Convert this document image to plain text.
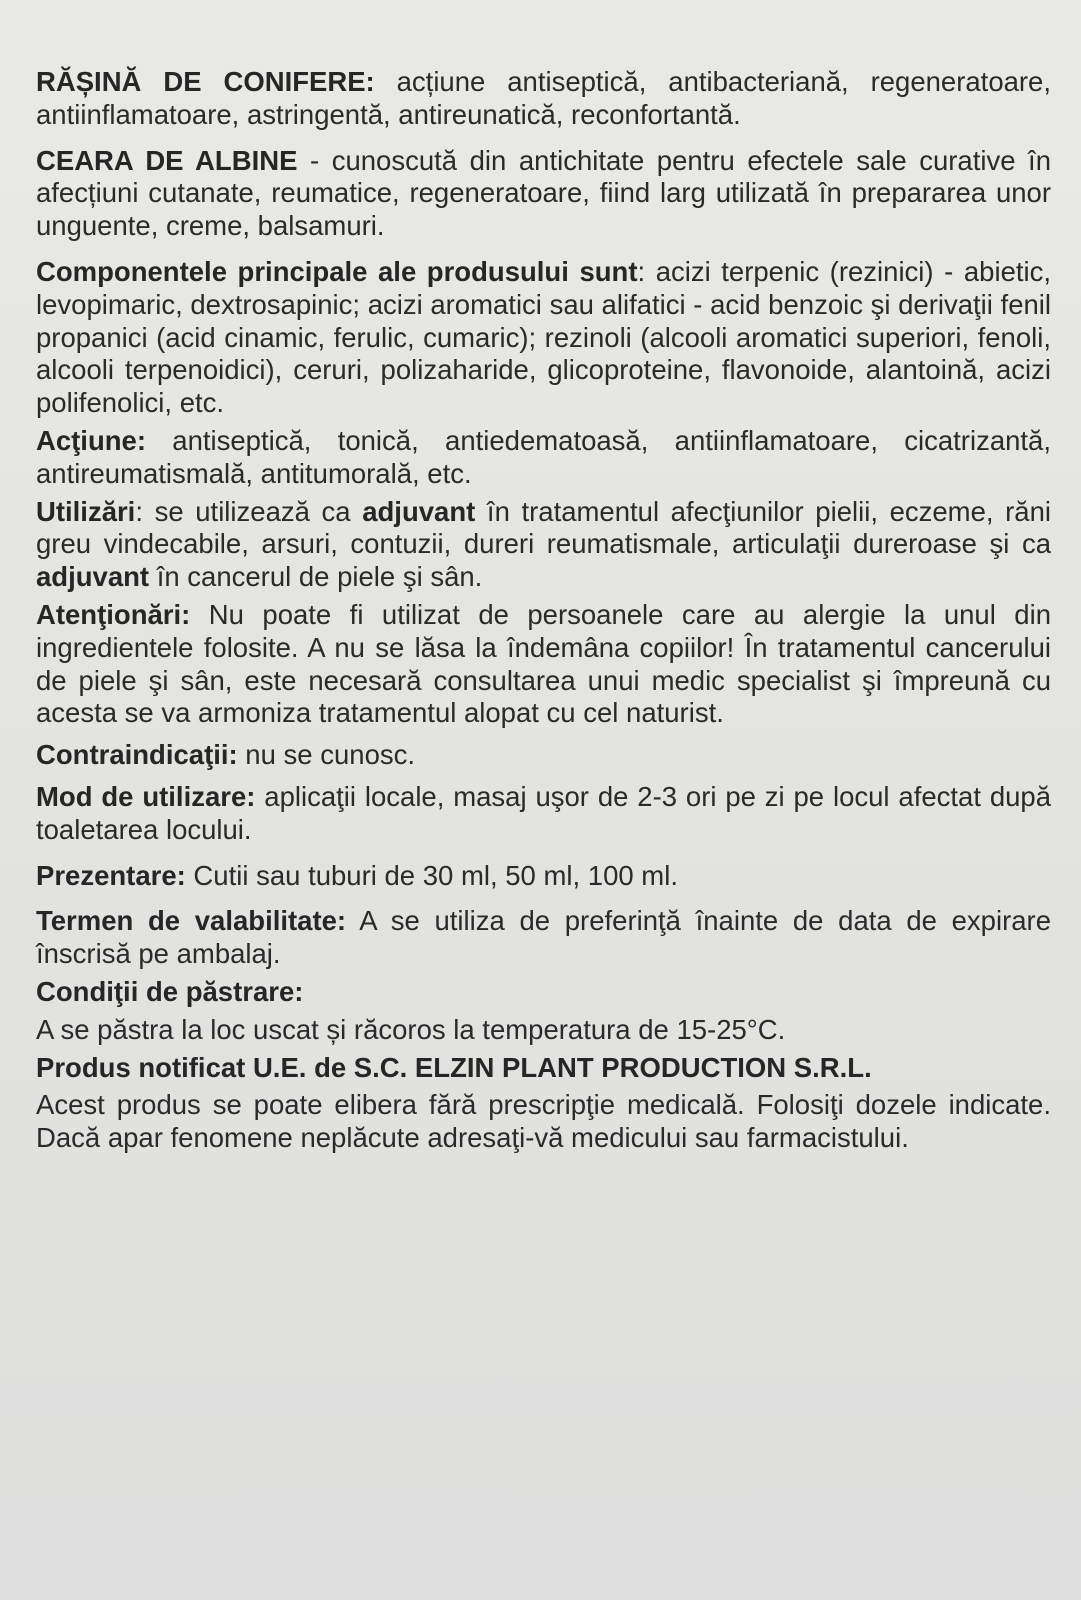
RĂȘINĂ DE CONIFERE: acțiune antiseptică, antibacteriană, regeneratoare, antiinflamatoare, astringentă, antireunatică, reconfortantă.

CEARA DE ALBINE - cunoscută din antichitate pentru efectele sale curative în afecțiuni cutanate, reumatice, regeneratoare, fiind larg utilizată în prepararea unor unguente, creme, balsamuri.

Componentele principale ale produsului sunt: acizi terpenic (rezinici) - abietic, levopimaric, dextrosapinic; acizi aromatici sau alifatici - acid benzoic şi derivaţii fenil propanici (acid cinamic, ferulic, cumaric); rezinoli (alcooli aromatici superiori, fenoli, alcooli terpenoidici), ceruri, polizaharide, glicoproteine, flavonoide, alantoină, acizi polifenolici, etc.

Acţiune: antiseptică, tonică, antiedematoasă, antiinflamatoare, cicatrizantă, antireumatismală, antitumorală, etc.

Utilizări: se utilizează ca adjuvant în tratamentul afecţiunilor pielii, eczeme, răni greu vindecabile, arsuri, contuzii, dureri reumatismale, articulaţii dureroase şi ca adjuvant în cancerul de piele şi sân.

Atenţionări: Nu poate fi utilizat de persoanele care au alergie la unul din ingredientele folosite. A nu se lăsa la îndemâna copiilor! În tratamentul cancerului de piele şi sân, este necesară consultarea unui medic specialist şi împreună cu acesta se va armoniza tratamentul alopat cu cel naturist.

Contraindicaţii: nu se cunosc.

Mod de utilizare: aplicaţii locale, masaj uşor de 2-3 ori pe zi pe locul afectat după toaletarea locului.

Prezentare: Cutii sau tuburi de 30 ml, 50 ml, 100 ml.

Termen de valabilitate: A se utiliza de preferinţă înainte de data de expirare înscrisă pe ambalaj.

Condiţii de păstrare:

A se păstra la loc uscat și răcoros la temperatura de 15-25°C.

Produs notificat U.E. de S.C. ELZIN PLANT PRODUCTION S.R.L.

Acest produs se poate elibera fără prescripţie medicală. Folosiţi dozele indicate. Dacă apar fenomene neplăcute adresaţi-vă medicului sau farmacistului.
